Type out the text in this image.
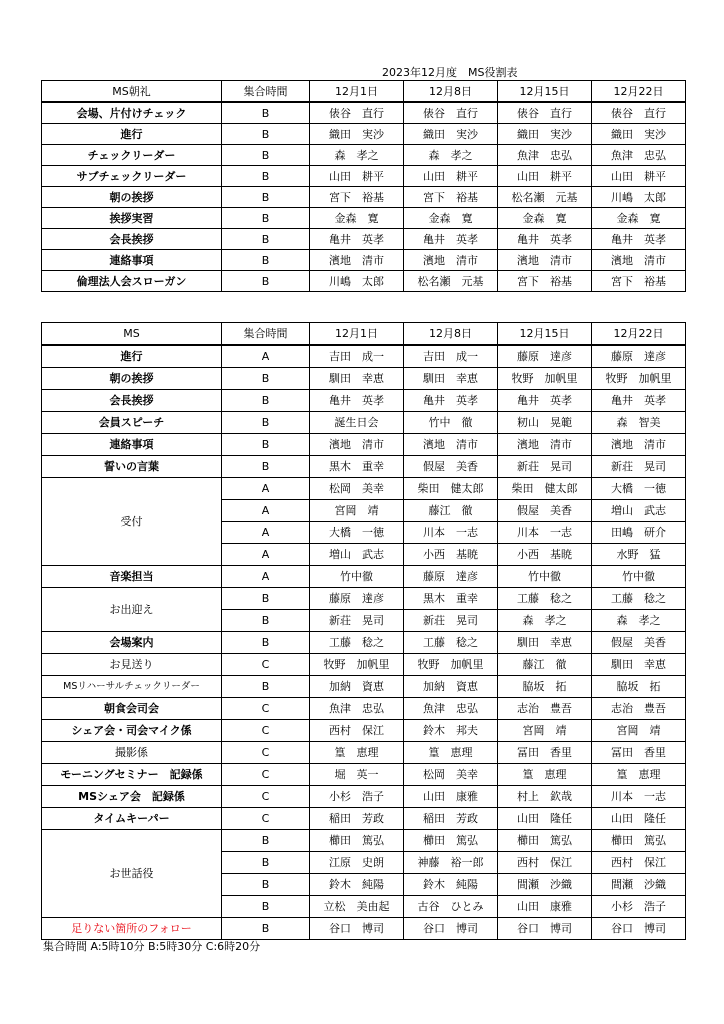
2023年12月度　MS役割表
MS朝礼	集合時間	12月1日	12月8日	12月15日	12月22日
会場、片付けチェック	B	俵谷　直行	俵谷　直行	俵谷　直行	俵谷　直行
進行	B	織田　実沙	織田　実沙	織田　実沙	織田　実沙
チェックリーダー	B	森　孝之	森　孝之	魚津　忠弘	魚津　忠弘
サブチェックリーダー	B	山田　耕平	山田　耕平	山田　耕平	山田　耕平
朝の挨拶	B	宮下　裕基	宮下　裕基	松名瀬　元基	川嶋　太郎
挨拶実習	B	金森　寛	金森　寛	金森　寛	金森　寛
会長挨拶	B	亀井　英孝	亀井　英孝	亀井　英孝	亀井　英孝
連絡事項	B	濱地　清市	濱地　清市	濱地　清市	濱地　清市
倫理法人会スローガン	B	川嶋　太郎	松名瀬　元基	宮下　裕基	宮下　裕基
MS	集合時間	12月1日	12月8日	12月15日	12月22日
進行	A	吉田　成一	吉田　成一	藤原　達彦	藤原　達彦
朝の挨拶	B	馴田　幸恵	馴田　幸恵	牧野　加帆里	牧野　加帆里
会長挨拶	B	亀井　英孝	亀井　英孝	亀井　英孝	亀井　英孝
会員スピーチ	B	誕生日会	竹中　徹	籾山　晃範	森　智美
連絡事項	B	濱地　清市	濱地　清市	濱地　清市	濱地　清市
誓いの言葉	B	黒木　重幸	假屋　美香	新荘　晃司	新荘　晃司
受付	A	松岡　美幸	柴田　健太郎	柴田　健太郎	大橋　一徳
	A	宮岡　靖	藤江　徹	假屋　美香	増山　武志
	A	大橋　一徳	川本　一志	川本　一志	田嶋　研介
	A	増山　武志	小西　基暁	小西　基暁	水野　猛
音楽担当	A	竹中徹	藤原　達彦	竹中徹	竹中徹
お出迎え	B	藤原　達彦	黒木　重幸	工藤　稔之	工藤　稔之
	B	新荘　晃司	新荘　晃司	森　孝之	森　孝之
会場案内	B	工藤　稔之	工藤　稔之	馴田　幸恵	假屋　美香
お見送り	C	牧野　加帆里	牧野　加帆里	藤江　徹	馴田　幸恵
MSリハーサルチェックリーダー	B	加納　資恵	加納　資恵	脇坂　拓	脇坂　拓
朝食会司会	C	魚津　忠弘	魚津　忠弘	志治　豊吾	志治　豊吾
シェア会・司会マイク係	C	西村　保江	鈴木　邦夫	宮岡　靖	宮岡　靖
撮影係	C	篁　恵理	篁　恵理	冨田　香里	冨田　香里
モーニングセミナー　記録係	C	堀　英一	松岡　美幸	篁　恵理	篁　恵理
MSシェア会　記録係	C	小杉　浩子	山田　康雅	村上　欽哉	川本　一志
タイムキーパー	C	稲田　芳政	稲田　芳政	山田　隆任	山田　隆任
お世話役	B	櫛田　篤弘	櫛田　篤弘	櫛田　篤弘	櫛田　篤弘
	B	江原　史朗	神藤　裕一郎	西村　保江	西村　保江
	B	鈴木　純陽	鈴木　純陽	間瀬　沙織	間瀬　沙織
	B	立松　美由起	古谷　ひとみ	山田　康雅	小杉　浩子
足りない箇所のフォロー	B	谷口　博司	谷口　博司	谷口　博司	谷口　博司
集合時間 A:5時10分 B:5時30分 C:6時20分
